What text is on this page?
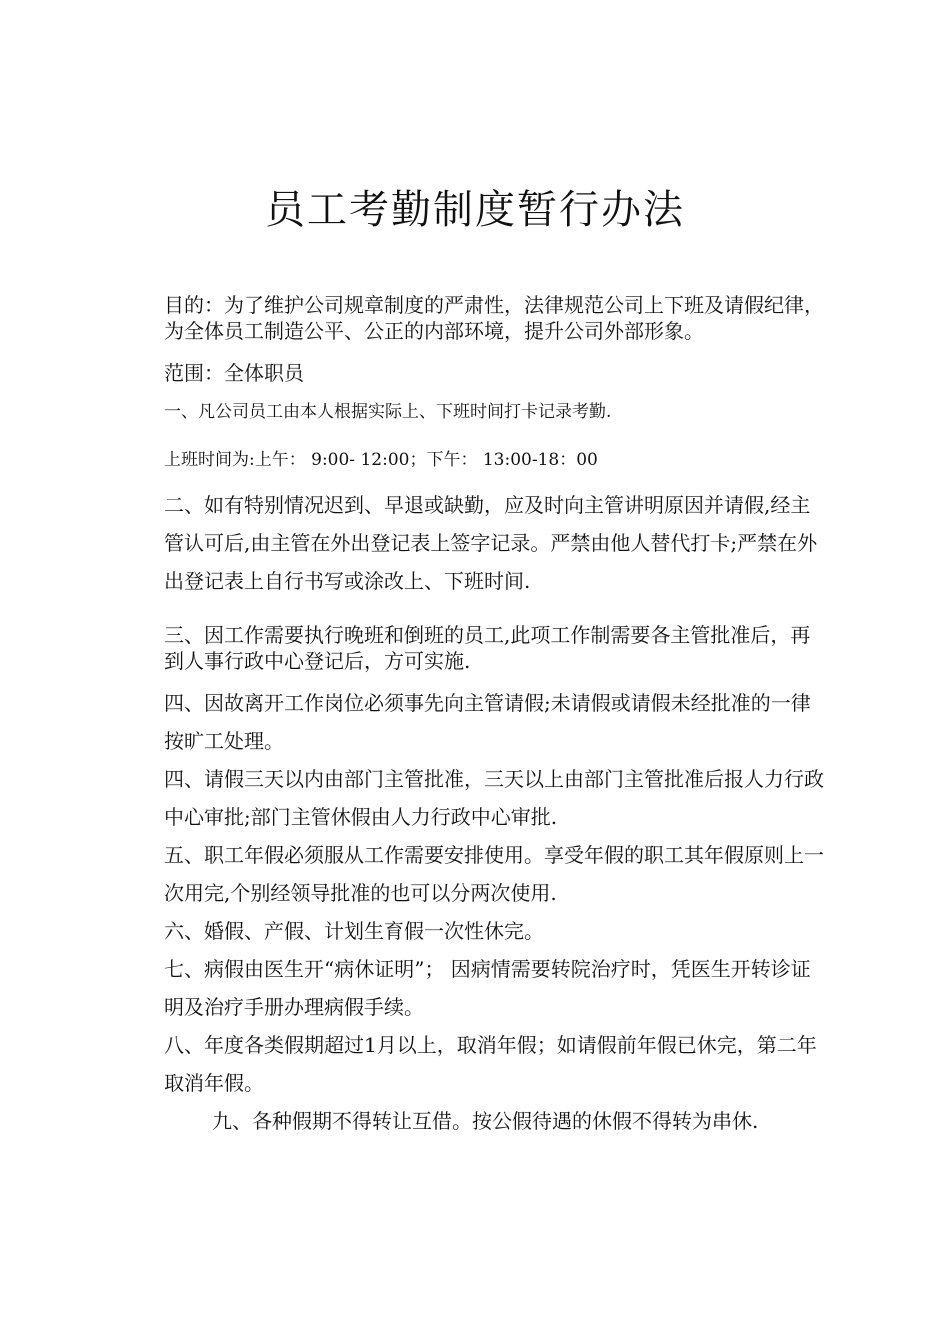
员工考勤制度暂行办法

目的：为了维护公司规章制度的严肃性，法律规范公司上下班及请假纪律，为全体员工制造公平、公正的内部环境，提升公司外部形象。

范围：全体职员

一、凡公司员工由本人根据实际上、下班时间打卡记录考勤.

上班时间为:上午： 9:00- 12:00；下午： 13:00-18：00

二、如有特别情况迟到、早退或缺勤，应及时向主管讲明原因并请假,经主管认可后,由主管在外出登记表上签字记录。严禁由他人替代打卡;严禁在外出登记表上自行书写或涂改上、下班时间.

三、因工作需要执行晚班和倒班的员工,此项工作制需要各主管批准后，再到人事行政中心登记后，方可实施.

四、因故离开工作岗位必须事先向主管请假;未请假或请假未经批准的一律按旷工处理。

四、请假三天以内由部门主管批准，三天以上由部门主管批准后报人力行政中心审批;部门主管休假由人力行政中心审批.

五、职工年假必须服从工作需要安排使用。享受年假的职工其年假原则上一次用完,个别经领导批准的也可以分两次使用.

六、婚假、产假、计划生育假一次性休完。

七、病假由医生开“病休证明”； 因病情需要转院治疗时，凭医生开转诊证明及治疗手册办理病假手续。

八、年度各类假期超过1月以上，取消年假；如请假前年假已休完，第二年取消年假。

九、各种假期不得转让互借。按公假待遇的休假不得转为串休.
